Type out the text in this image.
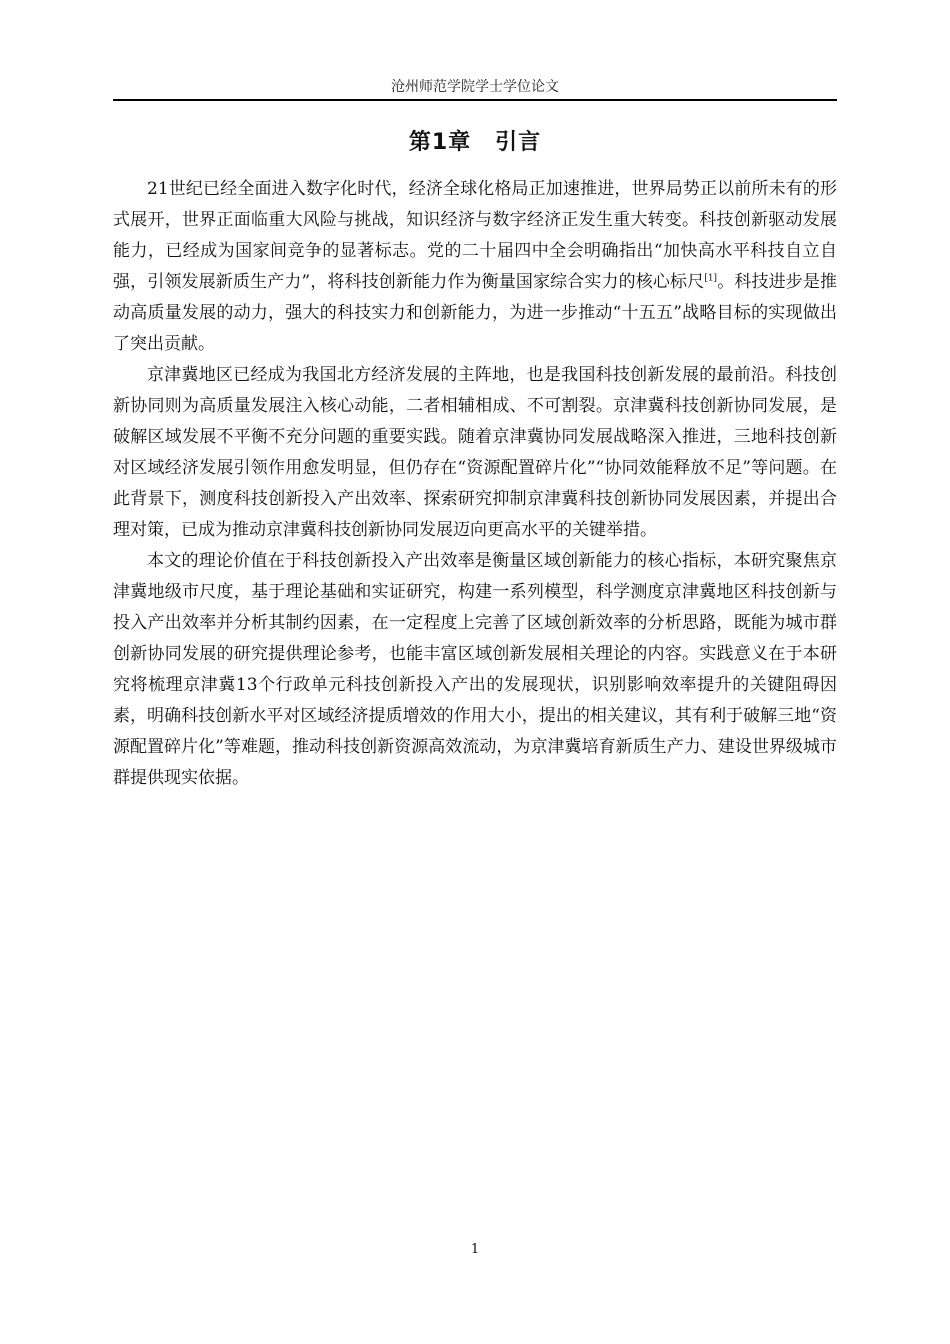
沧州师范学院学士学位论文
第1章 引言

21世纪已经全面进入数字化时代，经济全球化格局正加速推进，世界局势正以前所未有的形式展开，世界正面临重大风险与挑战，知识经济与数字经济正发生重大转变。科技创新驱动发展能力，已经成为国家间竞争的显著标志。党的二十届四中全会明确指出“加快高水平科技自立自强，引领发展新质生产力”，将科技创新能力作为衡量国家综合实力的核心标尺[1]。科技进步是推动高质量发展的动力，强大的科技实力和创新能力，为进一步推动“十五五”战略目标的实现做出了突出贡献。

京津冀地区已经成为我国北方经济发展的主阵地，也是我国科技创新发展的最前沿。科技创新协同则为高质量发展注入核心动能，二者相辅相成、不可割裂。京津冀科技创新协同发展，是破解区域发展不平衡不充分问题的重要实践。随着京津冀协同发展战略深入推进，三地科技创新对区域经济发展引领作用愈发明显，但仍存在“资源配置碎片化”“协同效能释放不足”等问题。在此背景下，测度科技创新投入产出效率、探索研究抑制京津冀科技创新协同发展因素，并提出合理对策，已成为推动京津冀科技创新协同发展迈向更高水平的关键举措。

本文的理论价值在于科技创新投入产出效率是衡量区域创新能力的核心指标，本研究聚焦京津冀地级市尺度，基于理论基础和实证研究，构建一系列模型，科学测度京津冀地区科技创新与投入产出效率并分析其制约因素，在一定程度上完善了区域创新效率的分析思路，既能为城市群创新协同发展的研究提供理论参考，也能丰富区域创新发展相关理论的内容。实践意义在于本研究将梳理京津冀13个行政单元科技创新投入产出的发展现状，识别影响效率提升的关键阻碍因素，明确科技创新水平对区域经济提质增效的作用大小，提出的相关建议，其有利于破解三地“资源配置碎片化”等难题，推动科技创新资源高效流动，为京津冀培育新质生产力、建设世界级城市群提供现实依据。

1
